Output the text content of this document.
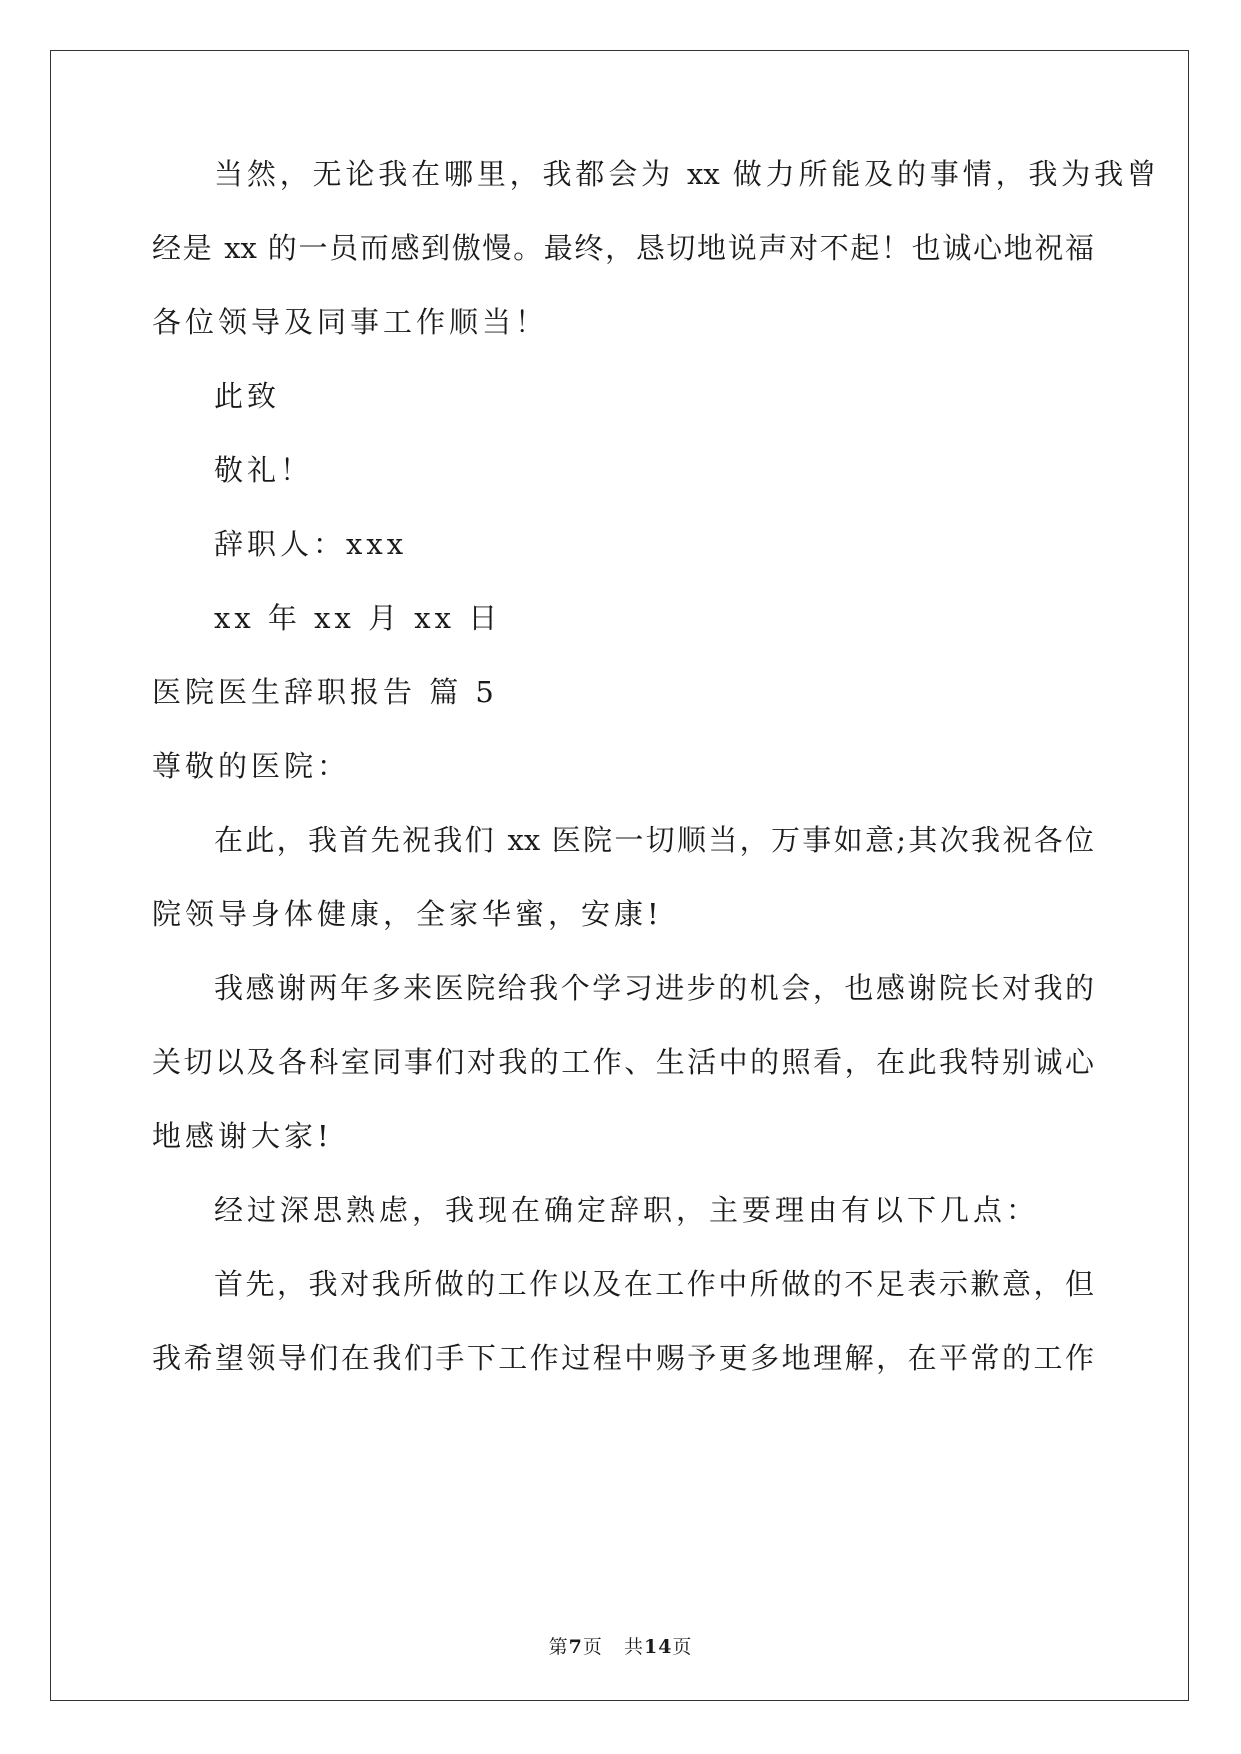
当然，无论我在哪里，我都会为 xx 做力所能及的事情，我为我曾
经是 xx 的一员而感到傲慢。最终，恳切地说声对不起！也诚心地祝福
各位领导及同事工作顺当！
此致
敬礼！
辞职人：xxx
xx 年 xx 月 xx 日
医院医生辞职报告 篇 5
尊敬的医院：
在此，我首先祝我们 xx 医院一切顺当，万事如意;其次我祝各位
院领导身体健康，全家华蜜，安康!
我感谢两年多来医院给我个学习进步的机会，也感谢院长对我的
关切以及各科室同事们对我的工作、生活中的照看，在此我特别诚心
地感谢大家!
经过深思熟虑，我现在确定辞职，主要理由有以下几点：
首先，我对我所做的工作以及在工作中所做的不足表示歉意，但
我希望领导们在我们手下工作过程中赐予更多地理解，在平常的工作
第7页 共14页
